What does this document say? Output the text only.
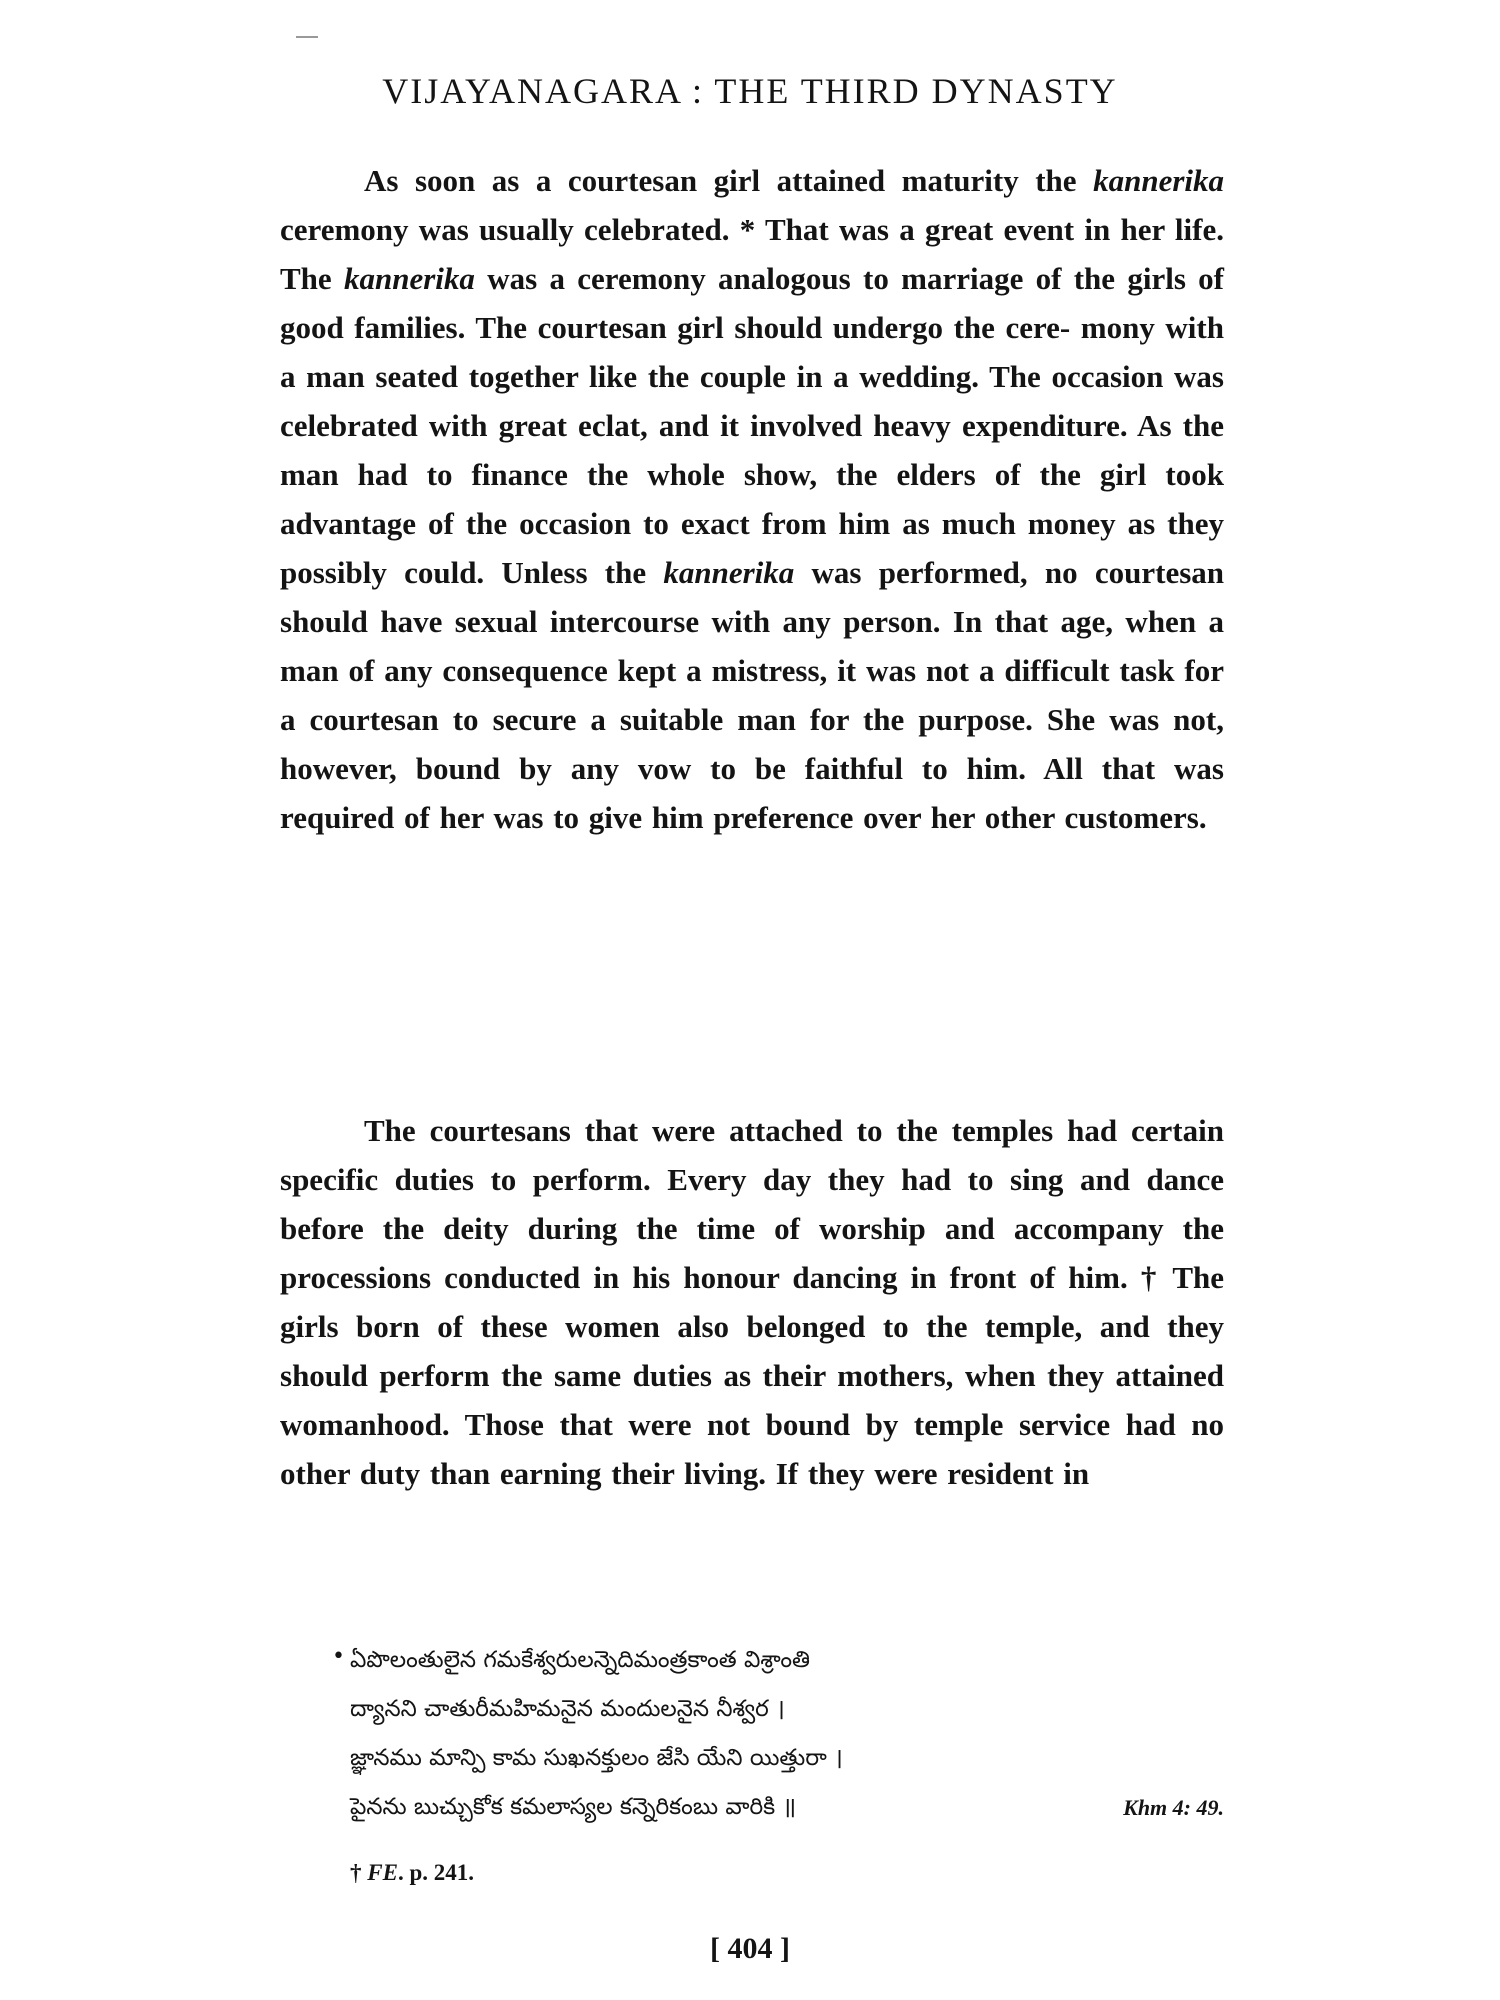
VIJAYANAGARA : THE THIRD DYNASTY

As soon as a courtesan girl attained maturity the kannerika ceremony was usually celebrated. * That was a great event in her life. The kannerika was a ceremony analogous to marriage of the girls of good families. The courtesan girl should undergo the cere- mony with a man seated together like the couple in a wedding. The occasion was celebrated with great eclat, and it involved heavy expenditure. As the man had to finance the whole show, the elders of the girl took advantage of the occasion to exact from him as much money as they possibly could. Unless the kannerika was performed, no courtesan should have sexual intercourse with any person. In that age, when a man of any consequence kept a mistress, it was not a difficult task for a courtesan to secure a suitable man for the purpose. She was not, however, bound by any vow to be faithful to him. All that was required of her was to give him preference over her other customers.

The courtesans that were attached to the temples had certain specific duties to perform. Every day they had to sing and dance before the deity during the time of worship and accompany the processions conducted in his honour dancing in front of him. † The girls born of these women also belonged to the temple, and they should perform the same duties as their mothers, when they attained womanhood. Those that were not bound by temple service had no other duty than earning their living. If they were resident in

• ఏపొలంతులైన గమకేశ్వరులన్నెదిమంత్రకాంత విశ్రాంతి
ద్యానని చాతురీమహిమనైన మందులనైన నీశ్వర ।
జ్ఞానము మాన్పి కామ సుఖనక్తులం జేసి యేని యిత్తురా ।
పైనను బుచ్చుకోక కమలాస్యల కన్నెరికంబు వారికి ॥	Khm 4: 49.
† FE. p. 241.
[ 404 ]
